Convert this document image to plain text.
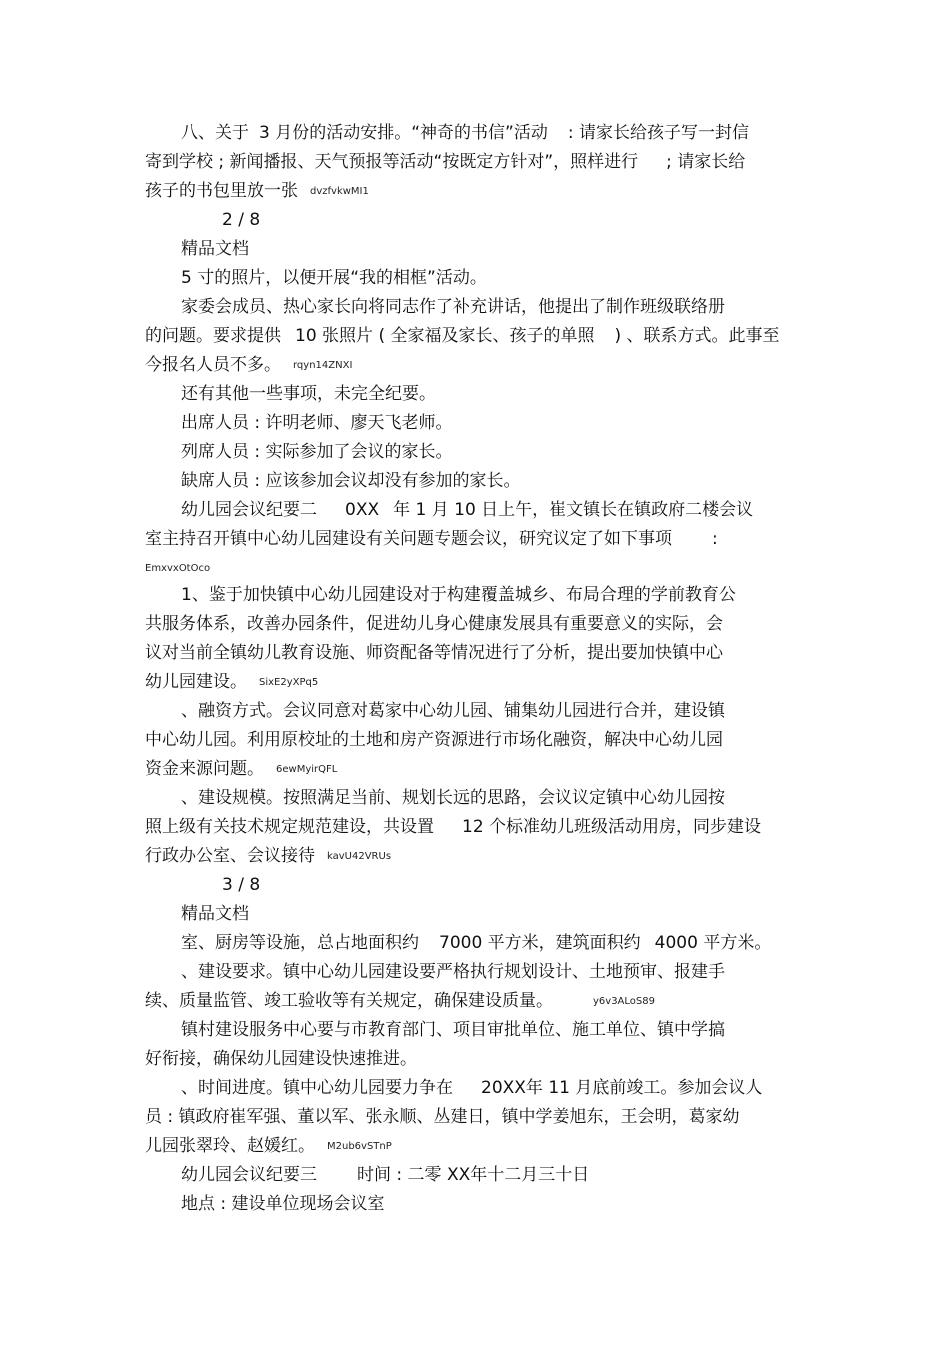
八、关于 3 月份的活动安排。“神奇的书信”活动 : 请家长给孩子写一封信
寄到学校 ; 新闻播报、天气预报等活动“按既定方针对”，照样进行 ; 请家长给
孩子的书包里放一张 dvzfvkwMI1
2 / 8
精品文档
5 寸的照片，以便开展“我的相框”活动。
家委会成员、热心家长向将同志作了补充讲话，他提出了制作班级联络册
的问题。要求提供 10 张照片 ( 全家福及家长、孩子的单照 ) 、联系方式。此事至
今报名人员不多。 rqyn14ZNXI
还有其他一些事项，未完全纪要。
出席人员 : 许明老师、廖天飞老师。
列席人员 : 实际参加了会议的家长。
缺席人员 : 应该参加会议却没有参加的家长。
幼儿园会议纪要二 0XX 年 1 月 10 日上午，崔文镇长在镇政府二楼会议
室主持召开镇中心幼儿园建设有关问题专题会议，研究议定了如下事项 :
EmxvxOtOco
1、鉴于加快镇中心幼儿园建设对于构建覆盖城乡、布局合理的学前教育公
共服务体系，改善办园条件，促进幼儿身心健康发展具有重要意义的实际，会
议对当前全镇幼儿教育设施、师资配备等情况进行了分析，提出要加快镇中心
幼儿园建设。 SixE2yXPq5
、融资方式。会议同意对葛家中心幼儿园、铺集幼儿园进行合并，建设镇
中心幼儿园。利用原校址的土地和房产资源进行市场化融资，解决中心幼儿园
资金来源问题。 6ewMyirQFL
、建设规模。按照满足当前、规划长远的思路，会议议定镇中心幼儿园按
照上级有关技术规定规范建设，共设置 12 个标准幼儿班级活动用房，同步建设
行政办公室、会议接待 kavU42VRUs
3 / 8
精品文档
室、厨房等设施，总占地面积约 7000 平方米，建筑面积约 4000 平方米。
、建设要求。镇中心幼儿园建设要严格执行规划设计、土地预审、报建手
续、质量监管、竣工验收等有关规定，确保建设质量。	y6v3ALoS89
镇村建设服务中心要与市教育部门、项目审批单位、施工单位、镇中学搞
好衔接，确保幼儿园建设快速推进。
、时间进度。镇中心幼儿园要力争在 20XX年 11 月底前竣工。参加会议人
员 : 镇政府崔军强、董以军、张永顺、丛建日，镇中学姜旭东，王会明，葛家幼
儿园张翠玲、赵媛红。 M2ub6vSTnP
幼儿园会议纪要三 时间 : 二零 XX年十二月三十日
地点 : 建设单位现场会议室
